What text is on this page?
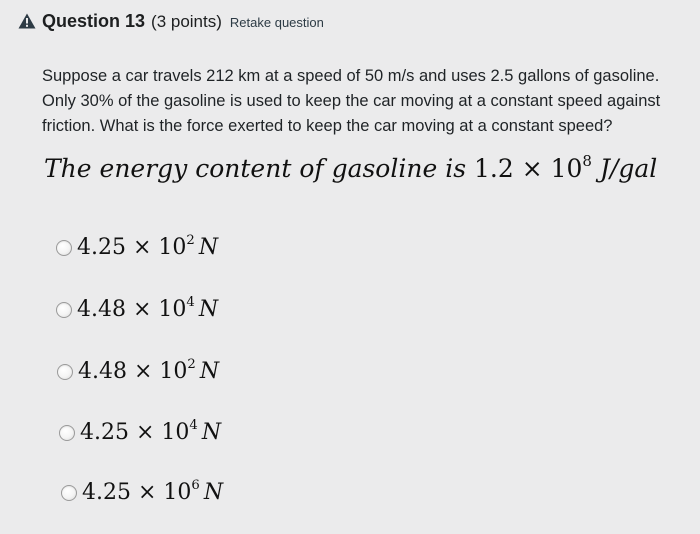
Question 13 (3 points) Retake question

Suppose a car travels 212 km at a speed of 50 m/s and uses 2.5 gallons of gasoline.

Only 30% of the gasoline is used to keep the car moving at a constant speed against

friction. What is the force exerted to keep the car moving at a constant speed?

The energy content of gasoline is $1.2 \times 10^8$ J/gal
$4.25 \times 10^2$ N
$4.48 \times 10^4$ N
$4.48 \times 10^2$ N
$4.25 \times 10^4$ N
$4.25 \times 10^6$ N
